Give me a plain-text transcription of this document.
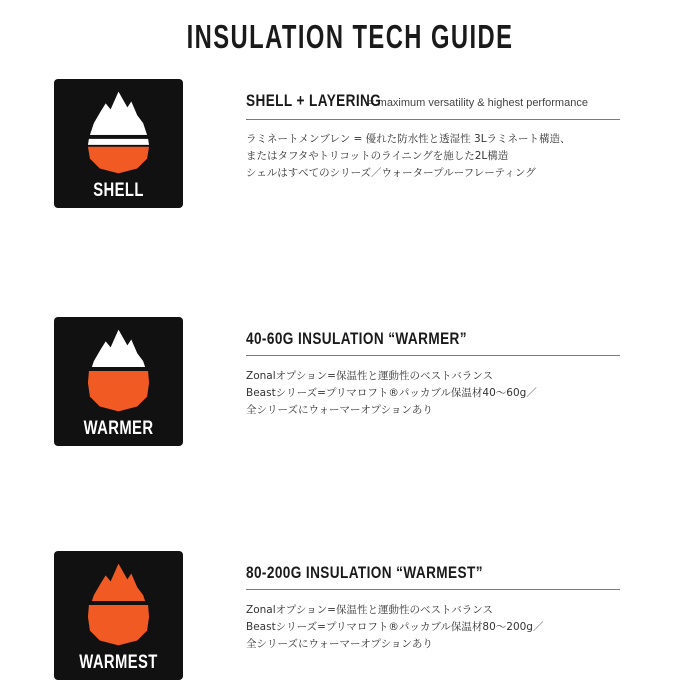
INSULATION TECH GUIDE
SHELL
SHELL + LAYERING = maximum versatility & highest performance
ラミネートメンブレン = 優れた防水性と透湿性 3Lラミネート構造、
またはタフタやトリコットのライニングを施した2L構造
シェルはすべてのシリーズ／ウォータープルーフレーティング
WARMER
40-60G INSULATION “WARMER”
Zonalオプション=保温性と運動性のベストバランス
Beastシリーズ=プリマロフト®パッカブル保温材40～60g／
全シリーズにウォーマーオプションあり
WARMEST
80-200G INSULATION “WARMEST”
Zonalオプション=保温性と運動性のベストバランス
Beastシリーズ=プリマロフト®パッカブル保温材80～200g／
全シリーズにウォーマーオプションあり
